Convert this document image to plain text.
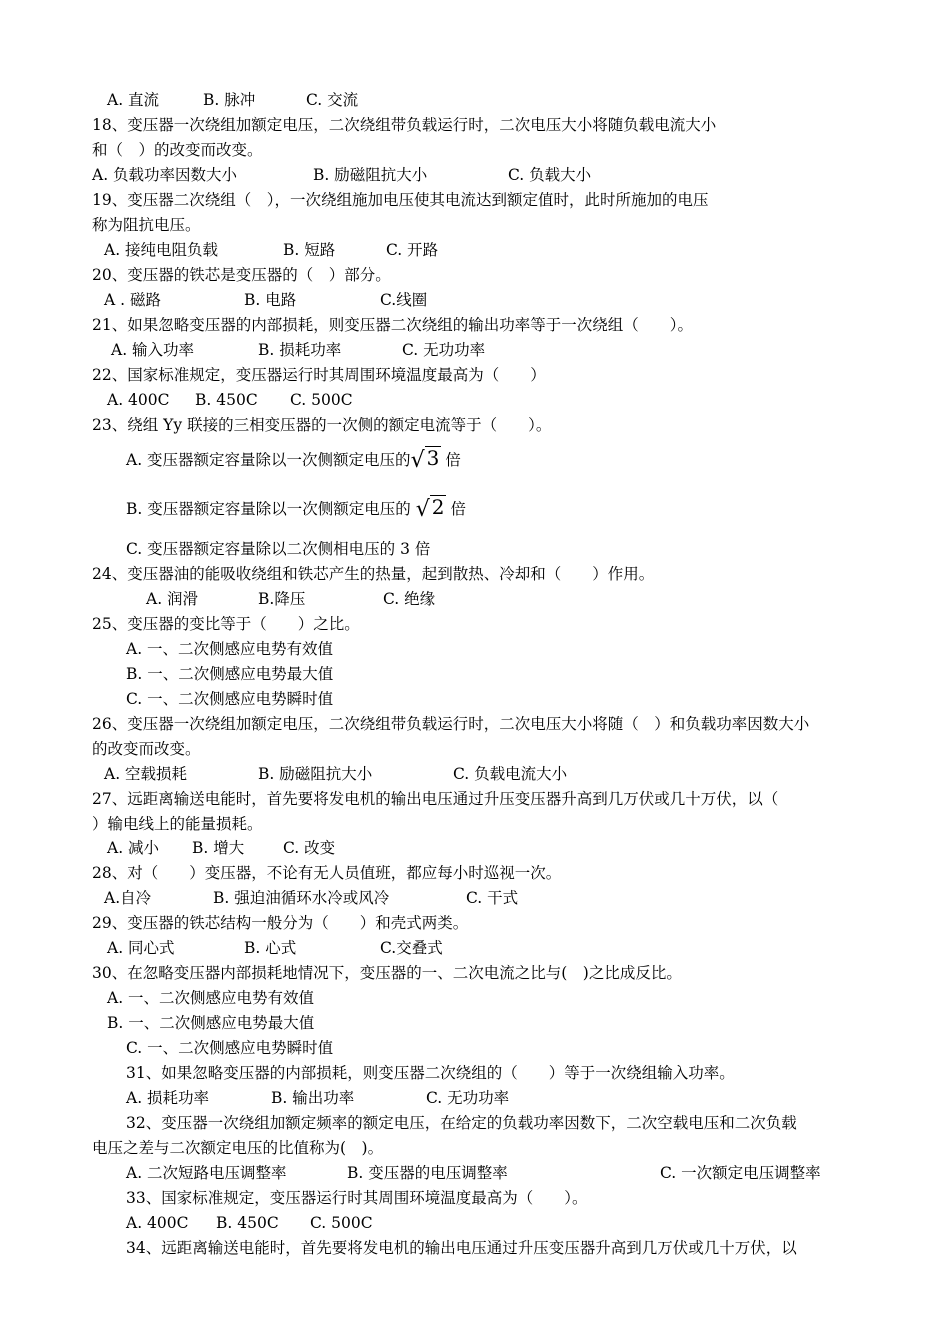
A. 直流	B. 脉冲	C. 交流
18、变压器一次绕组加额定电压，二次绕组带负载运行时，二次电压大小将随负载电流大小
和（　）的改变而改变。
A. 负载功率因数大小	B. 励磁阻抗大小	C. 负载大小
19、变压器二次绕组（　），一次绕组施加电压使其电流达到额定值时，此时所施加的电压
称为阻抗电压。
A. 接纯电阻负载	B. 短路	C. 开路
20、变压器的铁芯是变压器的（　）部分。
A . 磁路	B. 电路	C.线圈
21、如果忽略变压器的内部损耗，则变压器二次绕组的输出功率等于一次绕组（　　）。
A. 输入功率	B. 损耗功率	C. 无功功率
22、国家标准规定，变压器运行时其周围环境温度最高为（　　）
A. 400C B. 450C C. 500C
23、绕组 Yy 联接的三相变压器的一次侧的额定电流等于（　　）。
A. 变压器额定容量除以一次侧额定电压的√ 3 倍
B. 变压器额定容量除以一次侧额定电压的 √ 2 倍
C. 变压器额定容量除以二次侧相电压的 3 倍
24、变压器油的能吸收绕组和铁芯产生的热量，起到散热、冷却和（　　）作用。
A. 润滑	B.降压	C. 绝缘
25、变压器的变比等于（　　）之比。
A. 一、二次侧感应电势有效值
B. 一、二次侧感应电势最大值
C. 一、二次侧感应电势瞬时值
26、变压器一次绕组加额定电压，二次绕组带负载运行时，二次电压大小将随（　）和负载功率因数大小
的改变而改变。
A. 空载损耗	B. 励磁阻抗大小	C. 负载电流大小
27、远距离输送电能时，首先要将发电机的输出电压通过升压变压器升高到几万伏或几十万伏，以（
）输电线上的能量损耗。
A. 减小 B. 增大	C. 改变
28、对（　　）变压器，不论有无人员值班，都应每小时巡视一次。
A.自冷	B. 强迫油循环水冷或风冷	C. 干式
29、变压器的铁芯结构一般分为（　　）和壳式两类。
A. 同心式	B. 心式	C.交叠式
30、在忽略变压器内部损耗地情况下，变压器的一、二次电流之比与(　)之比成反比。
A. 一、二次侧感应电势有效值
B. 一、二次侧感应电势最大值
C. 一、二次侧感应电势瞬时值
31、如果忽略变压器的内部损耗，则变压器二次绕组的（　　）等于一次绕组输入功率。
A. 损耗功率	B. 输出功率	C. 无功功率
32、变压器一次绕组加额定频率的额定电压，在给定的负载功率因数下，二次空载电压和二次负载
电压之差与二次额定电压的比值称为(　)。
A. 二次短路电压调整率	B. 变压器的电压调整率	C. 一次额定电压调整率
33、国家标准规定，变压器运行时其周围环境温度最高为（　　）。
A. 400C B. 450C C. 500C
34、远距离输送电能时，首先要将发电机的输出电压通过升压变压器升高到几万伏或几十万伏，以
